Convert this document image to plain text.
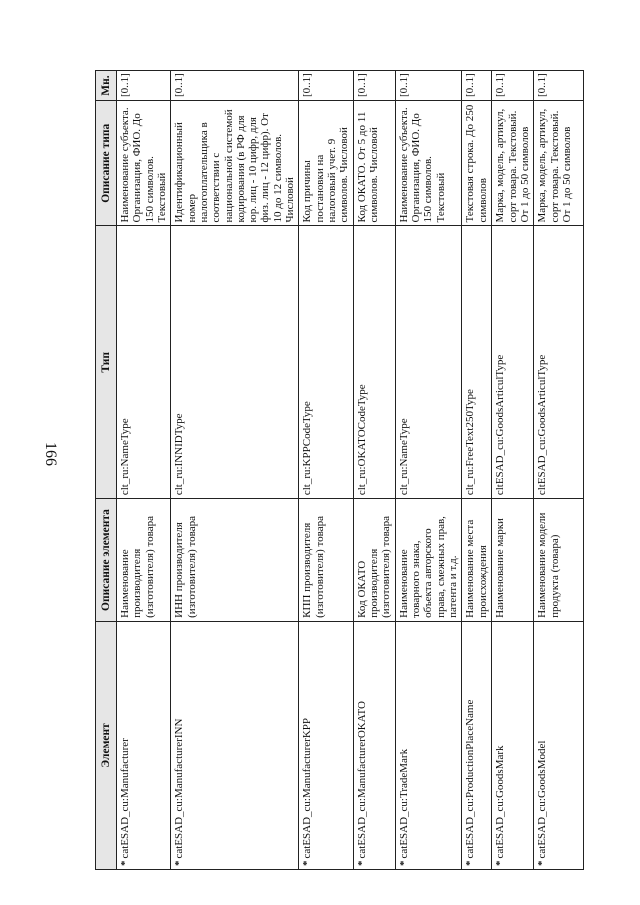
166
Элемент	Описание элемента	Тип	Описание типа	Мн.
*catESAD_cu:Manufacturer	Наименование производителя (изготовителя) товара	clt_ru:NameType	Наименование субъекта. Организация, ФИО. До 150 символов. Текстовый	[0..1]
*catESAD_cu:ManufacturerINN	ИНН производителя (изготовителя) товара	clt_ru:INNIDType	Идентификационный номер налогоплательщика в соответствии с национальной системой кодирования (в РФ для юр. лиц - 10 цифр, для физ. лиц - 12 цифр). От 10 до 12 символов. Числовой	[0..1]
*catESAD_cu:ManufacturerKPP	КПП производителя (изготовителя) товара	clt_ru:KPPCodeType	Код причины постановки на налоговый учет. 9 символов. Числовой	[0..1]
*catESAD_cu:ManufacturerOKATO	Код ОКАТО производителя (изготовителя) товара	clt_ru:OKATOCodeType	Код ОКАТО. От 5 до 11 символов. Числовой	[0..1]
*catESAD_cu:TradeMark	Наименование товарного знака, объекта авторского права, смежных прав, патента и т.д.	clt_ru:NameType	Наименование субъекта. Организация, ФИО. До 150 символов. Текстовый	[0..1]
*catESAD_cu:ProductionPlaceName	Наименование места происхождения	clt_ru:FreeText250Type	Текстовая строка. До 250 символов	[0..1]
*catESAD_cu:GoodsMark	Наименование марки	cltESAD_cu:GoodsArticulType	Марка, модель, артикул, сорт товара. Текстовый. От 1 до 50 символов	[0..1]
*catESAD_cu:GoodsModel	Наименование модели продукта (товара)	cltESAD_cu:GoodsArticulType	Марка, модель, артикул, сорт товара. Текстовый. От 1 до 50 символов	[0..1]
